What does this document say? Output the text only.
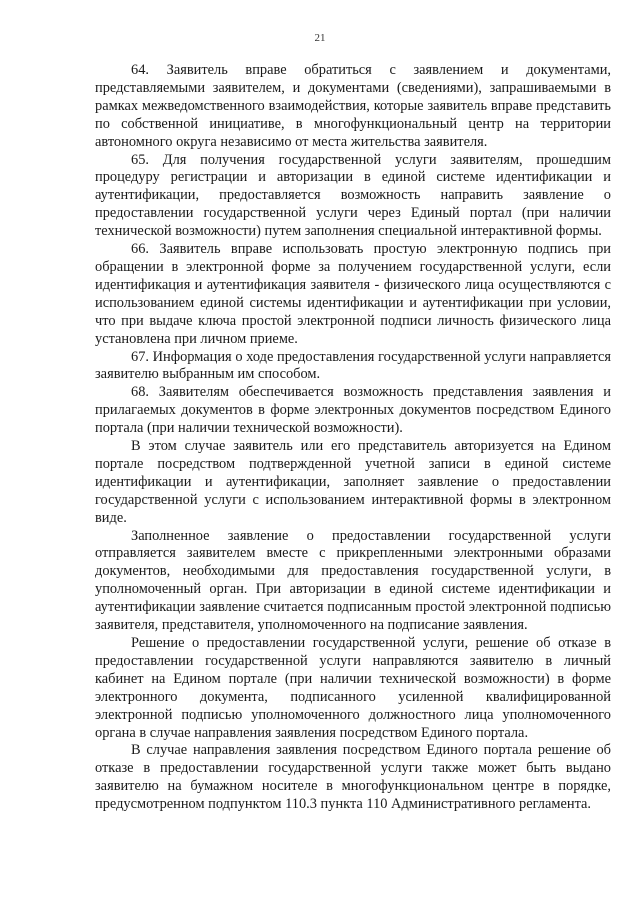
21

64. Заявитель вправе обратиться с заявлением и документами, представляемыми заявителем, и документами (сведениями), запрашиваемыми в рамках межведомственного взаимодействия, которые заявитель вправе представить по собственной инициативе, в многофункциональный центр на территории автономного округа независимо от места жительства заявителя.

65. Для получения государственной услуги заявителям, прошедшим процедуру регистрации и авторизации в единой системе идентификации и аутентификации, предоставляется возможность направить заявление о предоставлении государственной услуги через Единый портал (при наличии технической возможности) путем заполнения специальной интерактивной формы.

66. Заявитель вправе использовать простую электронную подпись при обращении в электронной форме за получением государственной услуги, если идентификация и аутентификация заявителя - физического лица осуществляются с использованием единой системы идентификации и аутентификации при условии, что при выдаче ключа простой электронной подписи личность физического лица установлена при личном приеме.

67. Информация о ходе предоставления государственной услуги направляется заявителю выбранным им способом.

68. Заявителям обеспечивается возможность представления заявления и прилагаемых документов в форме электронных документов посредством Единого портала (при наличии технической возможности).

В этом случае заявитель или его представитель авторизуется на Едином портале посредством подтвержденной учетной записи в единой системе идентификации и аутентификации, заполняет заявление о предоставлении государственной услуги с использованием интерактивной формы в электронном виде.

Заполненное заявление о предоставлении государственной услуги отправляется заявителем вместе с прикрепленными электронными образами документов, необходимыми для предоставления государственной услуги, в уполномоченный орган. При авторизации в единой системе идентификации и аутентификации заявление считается подписанным простой электронной подписью заявителя, представителя, уполномоченного на подписание заявления.

Решение о предоставлении государственной услуги, решение об отказе в предоставлении государственной услуги направляются заявителю в личный кабинет на Едином портале (при наличии технической возможности) в форме электронного документа, подписанного усиленной квалифицированной электронной подписью уполномоченного должностного лица уполномоченного органа в случае направления заявления посредством Единого портала.

В случае направления заявления посредством Единого портала решение об отказе в предоставлении государственной услуги также может быть выдано заявителю на бумажном носителе в многофункциональном центре в порядке, предусмотренном подпунктом 110.3 пункта 110 Административного регламента.
